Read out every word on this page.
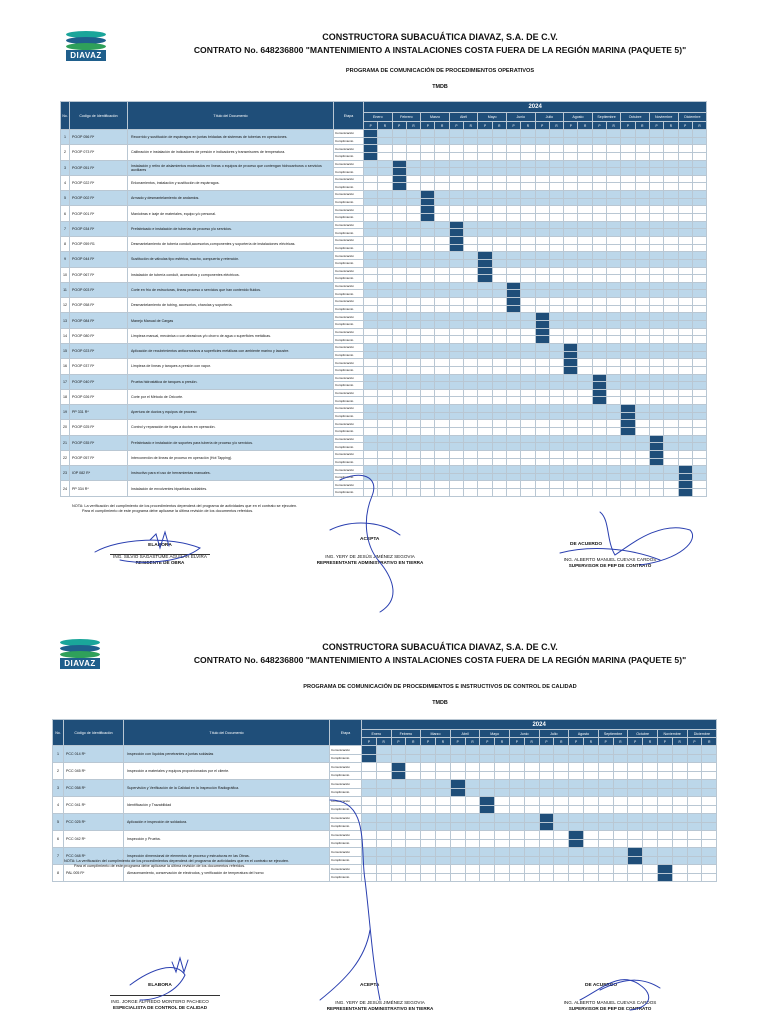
DIAVAZ
CONSTRUCTORA SUBACUÁTICA DIAVAZ, S.A. DE C.V.
CONTRATO No. 648236800 "MANTENIMIENTO A INSTALACIONES COSTA FUERA DE LA REGIÓN MARINA (PAQUETE 5)"
PROGRAMA DE COMUNICACIÓN DE PROCEDIMIENTOS OPERATIVOS
TMDB
No.	Codigo de Identificación	Título del Documento	Etapa	2024																							
				Enero		Febrero		Marzo		Abril		Mayo		Junio		Julio		Agosto		Septiembre		Octubre		Noviembre		Diciembre	
				P	R	P	R	P	R	P	R	P	R	P	R	P	R	P	R	P	R	P	R	P	R	P	R
1	POOP 056 R*	Recorrido y sustitución de espárragos en juntas bridadas de sistemas de tuberías en operaciones.	Comunicación																								
			Cumplimiento																								
2	POOP 073 R*	Calibración e instalación de indicadores de presión e indicadores y transmisores de temperatura.	Comunicación																								
			Cumplimiento																								
3	POOP 051 R*	Instalación y retiro de aislamientos moderados en líneas o equipos de proceso que contengan hidrocarburos o servicios auxiliares	Comunicación																								
			Cumplimiento																								
4	POOP 022 R*	Enlonamientos, instalación y sustitución de espárragos.	Comunicación																								
			Cumplimiento																								
5	POOP 002 R*	Armado y desmantelamiento de andamios.	Comunicación																								
			Cumplimiento																								
6	POOP 001 R*	Maniobras e izaje de materiales, equipo y/o personal.	Comunicación																								
			Cumplimiento																								
7	POOP 034 R*	Prefabricado e instalación de tuberías de proceso y/o servicios.	Comunicación																								
			Cumplimiento																								
8	POOP 059 R1	Desmantelamiento de tubería conduit,accesorios,componentes y soportería de instalaciones eléctricas.	Comunicación																								
			Cumplimiento																								
9	POOP 044 R*	Sustitución de válvulas tipo esférica, macho, compuerta y retención.	Comunicación																								
			Cumplimiento																								
10	POOP 067 R*	Instalación de tubería conduit, accesorios y componentes eléctricos.	Comunicación																								
			Cumplimiento																								
11	POOP 003 R*	Corte en frío de estructuras, líneas proceso o servicios que han contenido fluidos.	Comunicación																								
			Cumplimiento																								
12	POOP 058 R*	Desmantelamiento de tubing, accesorios, charolas y soportería.	Comunicación																								
			Cumplimiento																								
13	POOP 084 R*	Manejo Manual de Cargas	Comunicación																								
			Cumplimiento																								
14	POOP 080 R*	Limpieza manual, mecánica o con abrasivos y/o chorro de agua o superficies metálicas.	Comunicación																								
			Cumplimiento																								
15	POOP 023 R*	Aplicación de recubrimientos anticorrosivos a superficies metálicas con ambiente marino y lacustre.	Comunicación																								
			Cumplimiento																								
16	POOP 037 R*	Limpieza de líneas y tanques a presión con vapor.	Comunicación																								
			Cumplimiento																								
17	POOP 040 R*	Prueba hidrostática de tanques a presión.	Comunicación																								
			Cumplimiento																								
18	POOP 026 R*	Corte por el Método de Oxicorte.	Comunicación																								
			Cumplimiento																								
19	PP 331 R*	Apertura de ductos y equipos de proceso	Comunicación																								
			Cumplimiento																								
20	POOP 025 R*	Control y reparación de fugas a ductos en operación.	Comunicación																								
			Cumplimiento																								
21	POOP 035 R*	Prefabricado e instalación de soportes para tubería de proceso y/o servicios.	Comunicación																								
			Cumplimiento																								
22	POOP 057 R*	Interconexión de líneas de proceso en operación (Hot Tapping).	Comunicación																								
			Cumplimiento																								
23	IOP 082 R*	Instructivo para el uso de herramientas manuales.	Comunicación																								
			Cumplimiento																								
24	PP 334 R*	Instalación de envolventes bipartidas soldables.	Comunicación																								
			Cumplimiento																								
NOTA: La verificación del cumplimiento de los procedimientos dependerá del programa de actividades que en el contrato se ejecuten.
Para el cumplimiento de este programa debe aplicarse la última revisión de los documentos referidos.
ELABORA
ING. SILVIO SAGASTUME AGUILAR ELVIRA
RESIDENTE DE OBRA
ACEPTA
ING. YERY DE JESÚS JIMÉNEZ SEGOVIA
REPRESENTANTE ADMINISTRATIVO EN TIERRA
DE ACUERDO
ING. ALBERTO MANUEL CUEVAS CARDOS
SUPERVISOR DE PEP DE CONTRATO
DIAVAZ
CONSTRUCTORA SUBACUÁTICA DIAVAZ, S.A. DE C.V.
CONTRATO No. 648236800 "MANTENIMIENTO A INSTALACIONES COSTA FUERA DE LA REGIÓN MARINA (PAQUETE 5)"
PROGRAMA DE COMUNICACIÓN DE PROCEDIMIENTOS E INSTRUCTIVOS DE CONTROL DE CALIDAD
TMDB
No.	Código de Identificación	Título del Documento	Etapa	2024																							
				Enero		Febrero		Marzo		Abril		Mayo		Junio		Julio		Agosto		Septiembre		Octubre		Noviembre		Diciembre	
				P	R	P	R	P	R	P	R	P	R	P	R	P	R	P	R	P	R	P	R	P	R	P	R
1	PCC 014 R*	Inspección con líquidos penetrantes a juntas soldadas	Comunicación																								
			Cumplimiento																								
2	PCC 045 R*	Inspección a materiales y equipos proporcionados por el cliente.	Comunicación																								
			Cumplimiento																								
3	PCC 058 R*	Supervisión y Verificación de la Calidad en la Inspección Radiográfica.	Comunicación																								
			Cumplimiento																								
4	PCC 041 R*	Identificación y Trazabilidad	Comunicación																								
			Cumplimiento																								
5	PCC 025 R*	Aplicación e inspección de soldadura.	Comunicación																								
			Cumplimiento																								
6	PCC 042 R*	Inspección y Prueba.	Comunicación																								
			Cumplimiento																								
7	PCC 048 R*	Inspección dimensional de elementos de proceso y estructuras en las Obras.	Comunicación																								
			Cumplimiento																								
8	PAL 005 R*	Almacenamiento, conservación de electrodos, y verificación de temperatura del horno	Comunicación																								
			Cumplimiento																								
NOTA: La verificación del cumplimiento de los procedimientos dependerá del programa de actividades que en el contrato se ejecuten.
Para el cumplimiento de este programa debe aplicarse la última revisión de los documentos referidos.
ELABORA
ING. JORGE ALFREDO MONTERO PACHECO
ESPECIALISTA DE CONTROL DE CALIDAD
ACEPTA
ING. YERY DE JESÚS JIMÉNEZ SEGOVIA
REPRESENTANTE ADMINISTRATIVO EN TIERRA
DE ACUERDO
ING. ALBERTO MANUEL CUEVAS CARDOS
SUPERVISOR DE PEP DE CONTRATO
